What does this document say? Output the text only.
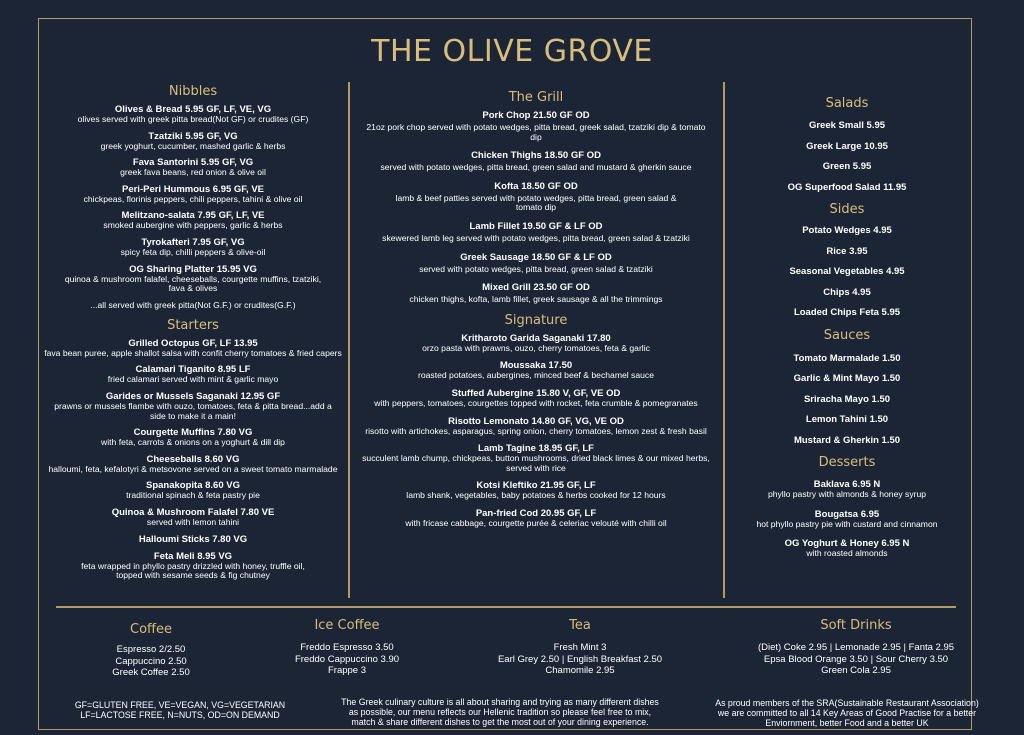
THE OLIVE GROVE
Nibbles
Olives & Bread 5.95 GF, LF, VE, VG
olives served with greek pitta bread(Not GF) or crudites (GF)
Tzatziki 5.95 GF, VG
greek yoghurt, cucumber, mashed garlic & herbs
Fava Santorini 5.95 GF, VG
greek fava beans, red onion & olive oil
Peri-Peri Hummous 6.95 GF, VE
chickpeas, florinis peppers, chili peppers, tahini & olive oil
Melitzano-salata 7.95 GF, LF, VE
smoked aubergine with peppers, garlic & herbs
Tyrokafteri 7.95 GF, VG
spicy feta dip, chilli peppers & olive-oil
OG Sharing Platter 15.95 VG
quinoa & mushroom falafel, cheeseballs, courgette muffins, tzatziki, fava & olives
...all served with greek pitta(Not G.F.) or crudites(G.F.)
Starters
Grilled Octopus GF, LF 13.95
fava bean puree, apple shallot salsa with confit cherry tomatoes & fried capers
Calamari Tiganito 8.95 LF
fried calamari served with mint & garlic mayo
Garides or Mussels Saganaki 12.95 GF
prawns or mussels flambe with ouzo, tomatoes, feta & pitta bread...add a side to make it a main!
Courgette Muffins 7.80 VG
with feta, carrots & onions on a yoghurt & dill dip
Cheeseballs 8.60 VG
halloumi, feta, kefalotyri & metsovone served on a sweet tomato marmalade
Spanakopita 8.60 VG
traditional spinach & feta pastry pie
Quinoa & Mushroom Falafel 7.80 VE
served with lemon tahini
Halloumi Sticks 7.80 VG
Feta Meli 8.95 VG
feta wrapped in phyllo pastry drizzled with honey, truffle oil, topped with sesame seeds & fig chutney
The Grill
Pork Chop 21.50 GF OD
21oz pork chop served with potato wedges, pitta bread, greek salad, tzatziki dip & tomato dip
Chicken Thighs 18.50 GF OD
served with potato wedges, pitta bread, green salad and mustard & gherkin sauce
Kofta 18.50 GF OD
lamb & beef patties served with potato wedges, pitta bread, green salad & tomato dip
Lamb Fillet 19.50 GF & LF OD
skewered lamb leg served with potato wedges, pitta bread, green salad & tzatziki
Greek Sausage 18.50 GF & LF OD
served with potato wedges, pitta bread, green salad & tzatziki
Mixed Grill 23.50 GF OD
chicken thighs, kofta, lamb fillet, greek sausage & all the trimmings
Signature
Kritharoto Garida Saganaki 17.80
orzo pasta with prawns, ouzo, cherry tomatoes, feta & garlic
Moussaka 17.50
roasted potatoes, aubergines, minced beef & bechamel sauce
Stuffed Aubergine 15.80 V, GF, VE OD
with peppers, tomatoes, courgettes topped with rocket, feta crumble & pomegranates
Risotto Lemonato 14.80 GF, VG, VE OD
risotto with artichokes, asparagus, spring onion, cherry tomatoes, lemon zest & fresh basil
Lamb Tagine 18.95 GF, LF
succulent lamb chump, chickpeas, button mushrooms, dried black limes & our mixed herbs, served with rice
Kotsi Kleftiko 21.95 GF, LF
lamb shank, vegetables, baby potatoes & herbs cooked for 12 hours
Pan-fried Cod 20.95 GF, LF
with fricase cabbage, courgette purée & celeriac velouté with chilli oil
Salads
Greek Small 5.95
Greek Large 10.95
Green 5.95
OG Superfood Salad 11.95
Sides
Potato Wedges 4.95
Rice 3.95
Seasonal Vegetables 4.95
Chips 4.95
Loaded Chips Feta 5.95
Sauces
Tomato Marmalade 1.50
Garlic & Mint Mayo 1.50
Sriracha Mayo 1.50
Lemon Tahini 1.50
Mustard & Gherkin 1.50
Desserts
Baklava 6.95 N
phyllo pastry with almonds & honey syrup
Bougatsa 6.95
hot phyllo pastry pie with custard and cinnamon
OG Yoghurt & Honey 6.95 N
with roasted almonds
Coffee
Espresso 2/2.50
Cappuccino 2.50
Greek Coffee 2.50
Ice Coffee
Freddo Espresso 3.50
Freddo Cappuccino 3.90
Frappe 3
Tea
Fresh Mint 3
Earl Grey 2.50 | English Breakfast 2.50
Chamomile 2.95
Soft Drinks
(Diet) Coke 2.95 | Lemonade 2.95 | Fanta 2.95
Epsa Blood Orange 3.50 | Sour Cherry 3.50
Green Cola 2.95
GF=GLUTEN FREE, VE=VEGAN, VG=VEGETARIAN
LF=LACTOSE FREE, N=NUTS, OD=ON DEMAND
The Greek culinary culture is all about sharing and trying as many different dishes
as possible, our menu reflects our Hellenic tradition so please feel free to mix,
match & share different dishes to get the most out of your dining experience.
As proud members of the SRA(Sustainable Restaurant Association)
we are committed to all 14 Key Areas of Good Practise for a better
Enviornment, better Food and a better UK
